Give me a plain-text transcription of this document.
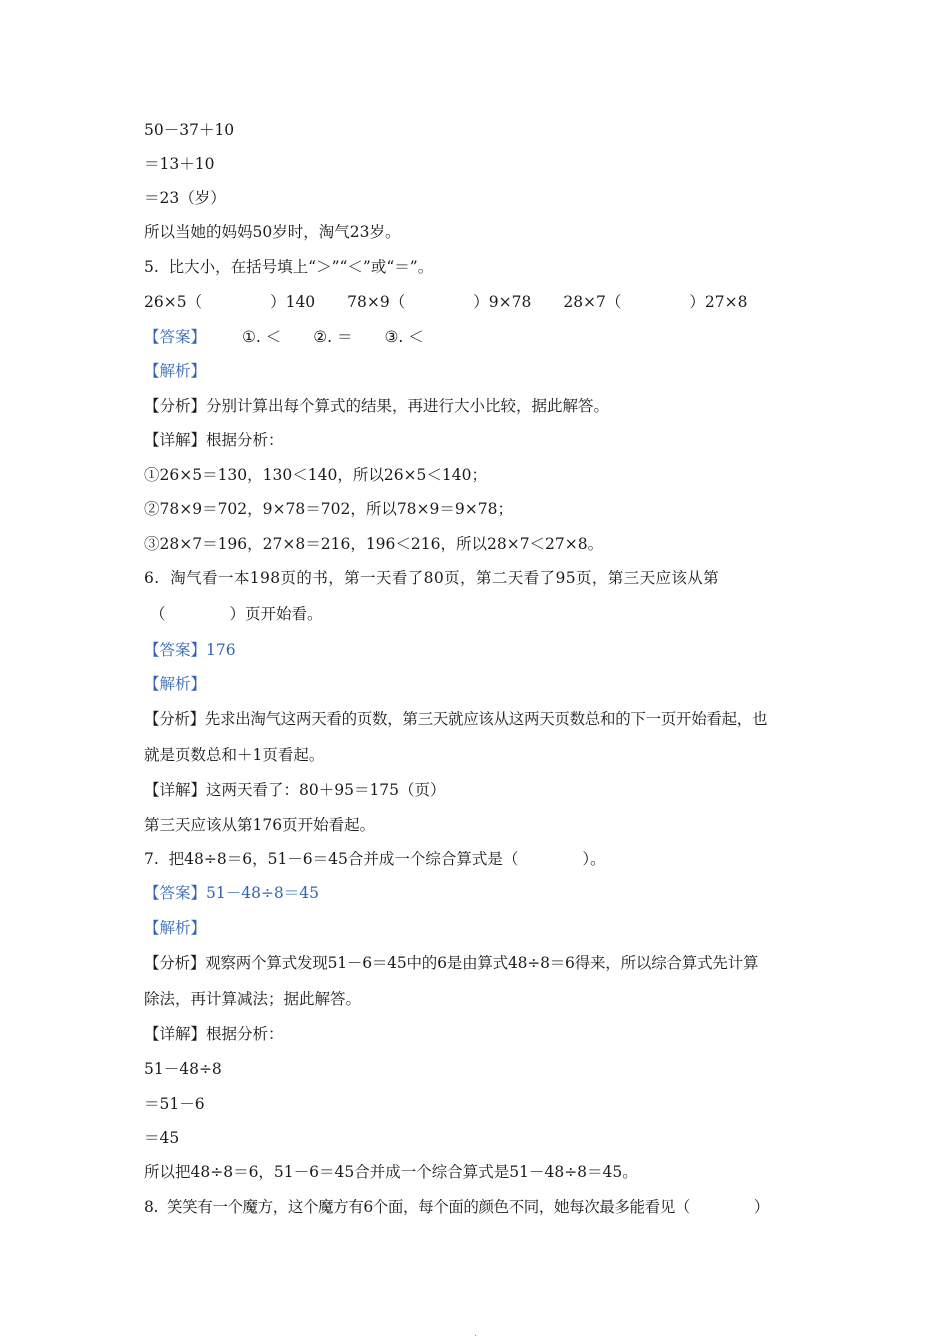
50－37＋10
＝13＋10
＝23（岁）
所以当她的妈妈50岁时，淘气23岁。
5.  比大小，在括号填上“＞”“＜”或“＝”。
26×5（	）140 78×9（	）9×78 28×7（	）27×8
【答案】 ①. ＜ ②. ＝ ③. ＜
【解析】
【分析】分别计算出每个算式的结果，再进行大小比较，据此解答。
【详解】根据分析：
①26×5＝130，130＜140，所以26×5＜140；
②78×9＝702，9×78＝702，所以78×9＝9×78；
③28×7＝196，27×8＝216，196＜216，所以28×7＜27×8。
6.  淘气看一本198页的书，第一天看了80页，第二天看了95页，第三天应该从第
（	）页开始看。
【答案】176
【解析】
【分析】先求出淘气这两天看的页数，第三天就应该从这两天页数总和的下一页开始看起，也
就是页数总和＋1页看起。
【详解】这两天看了：80＋95＝175（页）
第三天应该从第176页开始看起。
7.  把48÷8＝6，51－6＝45合并成一个综合算式是（	）。
【答案】51－48÷8＝45
【解析】
【分析】观察两个算式发现51－6＝45中的6是由算式48÷8＝6得来，所以综合算式先计算
除法，再计算减法；据此解答。
【详解】根据分析：
51－48÷8
＝51－6
＝45
所以把48÷8＝6，51－6＝45合并成一个综合算式是51－48÷8＝45。
8.  笑笑有一个魔方，这个魔方有6个面，每个面的颜色不同，她每次最多能看见（	）
.
